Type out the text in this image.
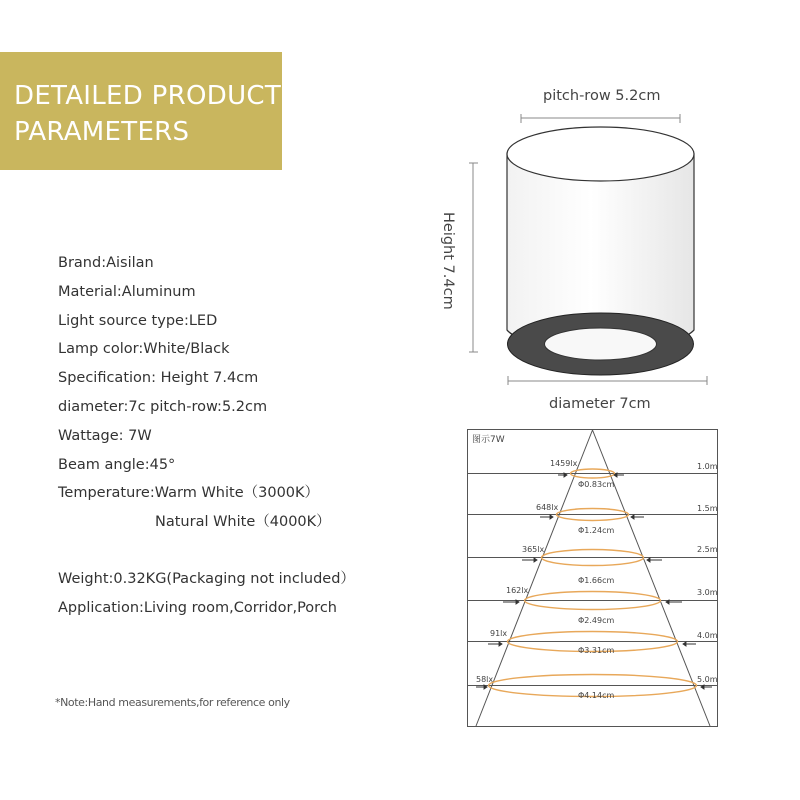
DETAILED PRODUCT
PARAMETERS
Brand:Aisilan
Material:Aluminum
Light source type:LED
Lamp color:White/Black
Specification: Height 7.4cm
diameter:7c pitch-row:5.2cm
Wattage: 7W
Beam angle:45°
Temperature:Warm White（3000K）
Natural White（4000K）
Weight:0.32KG(Packaging not included）
Application:Living room,Corridor,Porch
*Note:Hand measurements,for reference only
pitch-row 5.2cm
Height 7.4cm
diameter 7cm
图示7W
1459lx
Φ0.83cm
1.0m
648lx
Φ1.24cm
1.5m
365lx
Φ1.66cm
2.5m
162lx
Φ2.49cm
3.0m
91lx
Φ3.31cm
4.0m
58lx
Φ4.14cm
5.0m
